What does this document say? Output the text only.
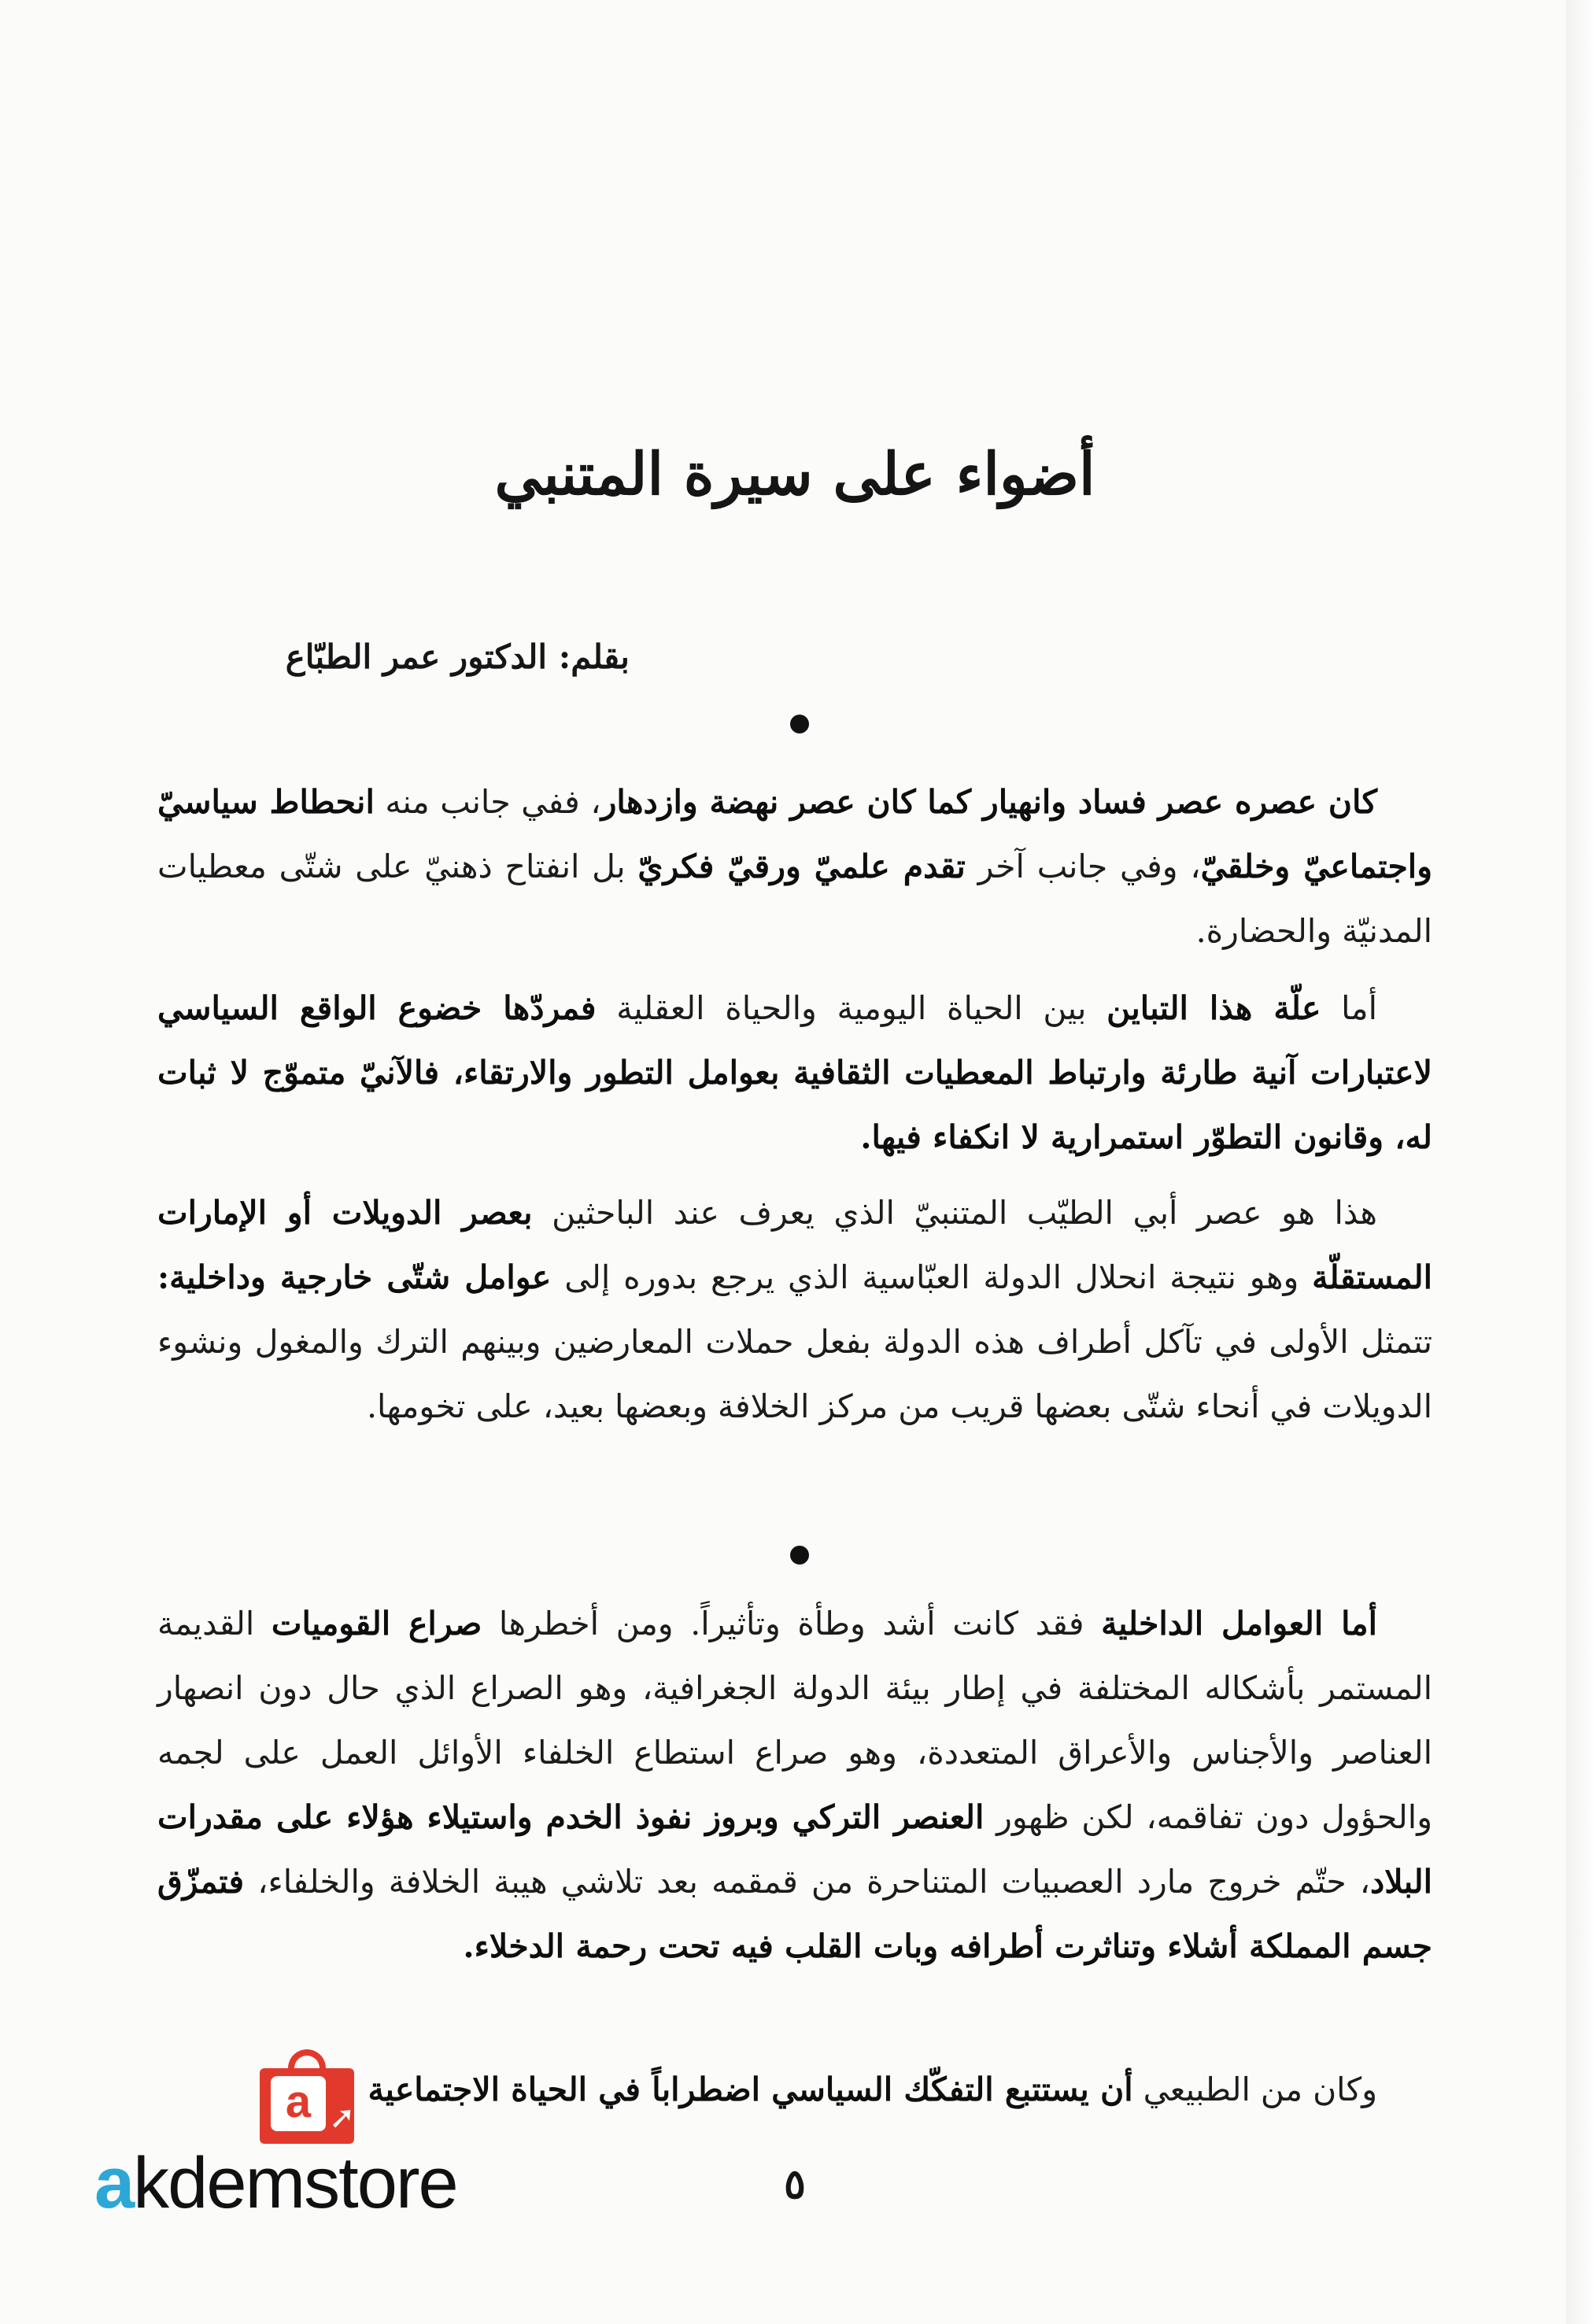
أضواء على سيرة المتنبي
بقلم: الدكتور عمر الطبّاع
كان عصره عصر فساد وانهيار كما كان عصر نهضة وازدهار، ففي جانب منه انحطاط سياسيّ واجتماعيّ وخلقيّ، وفي جانب آخر تقدم علميّ ورقيّ فكريّ بل انفتاح ذهنيّ على شتّى معطيات المدنيّة والحضارة.
أما علّة هذا التباين بين الحياة اليومية والحياة العقلية فمردّها خضوع الواقع السياسي لاعتبارات آنية طارئة وارتباط المعطيات الثقافية بعوامل التطور والارتقاء، فالآنيّ متموّج لا ثبات له، وقانون التطوّر استمرارية لا انكفاء فيها.
هذا هو عصر أبي الطيّب المتنبيّ الذي يعرف عند الباحثين بعصر الدويلات أو الإمارات المستقلّة وهو نتيجة انحلال الدولة العبّاسية الذي يرجع بدوره إلى عوامل شتّى خارجية وداخلية: تتمثل الأولى في تآكل أطراف هذه الدولة بفعل حملات المعارضين وبينهم الترك والمغول ونشوء الدويلات في أنحاء شتّى بعضها قريب من مركز الخلافة وبعضها بعيد، على تخومها.
أما العوامل الداخلية فقد كانت أشد وطأة وتأثيراً. ومن أخطرها صراع القوميات القديمة المستمر بأشكاله المختلفة في إطار بيئة الدولة الجغرافية، وهو الصراع الذي حال دون انصهار العناصر والأجناس والأعراق المتعددة، وهو صراع استطاع الخلفاء الأوائل العمل على لجمه والحؤول دون تفاقمه، لكن ظهور العنصر التركي وبروز نفوذ الخدم واستيلاء هؤلاء على مقدرات البلاد، حتّم خروج مارد العصبيات المتناحرة من قمقمه بعد تلاشي هيبة الخلافة والخلفاء، فتمزّق جسم المملكة أشلاء وتناثرت أطرافه وبات القلب فيه تحت رحمة الدخلاء.
وكان من الطبيعي أن يستتبع التفكّك السياسي اضطراباً في الحياة الاجتماعية
٥
a ➚
akdemstore
